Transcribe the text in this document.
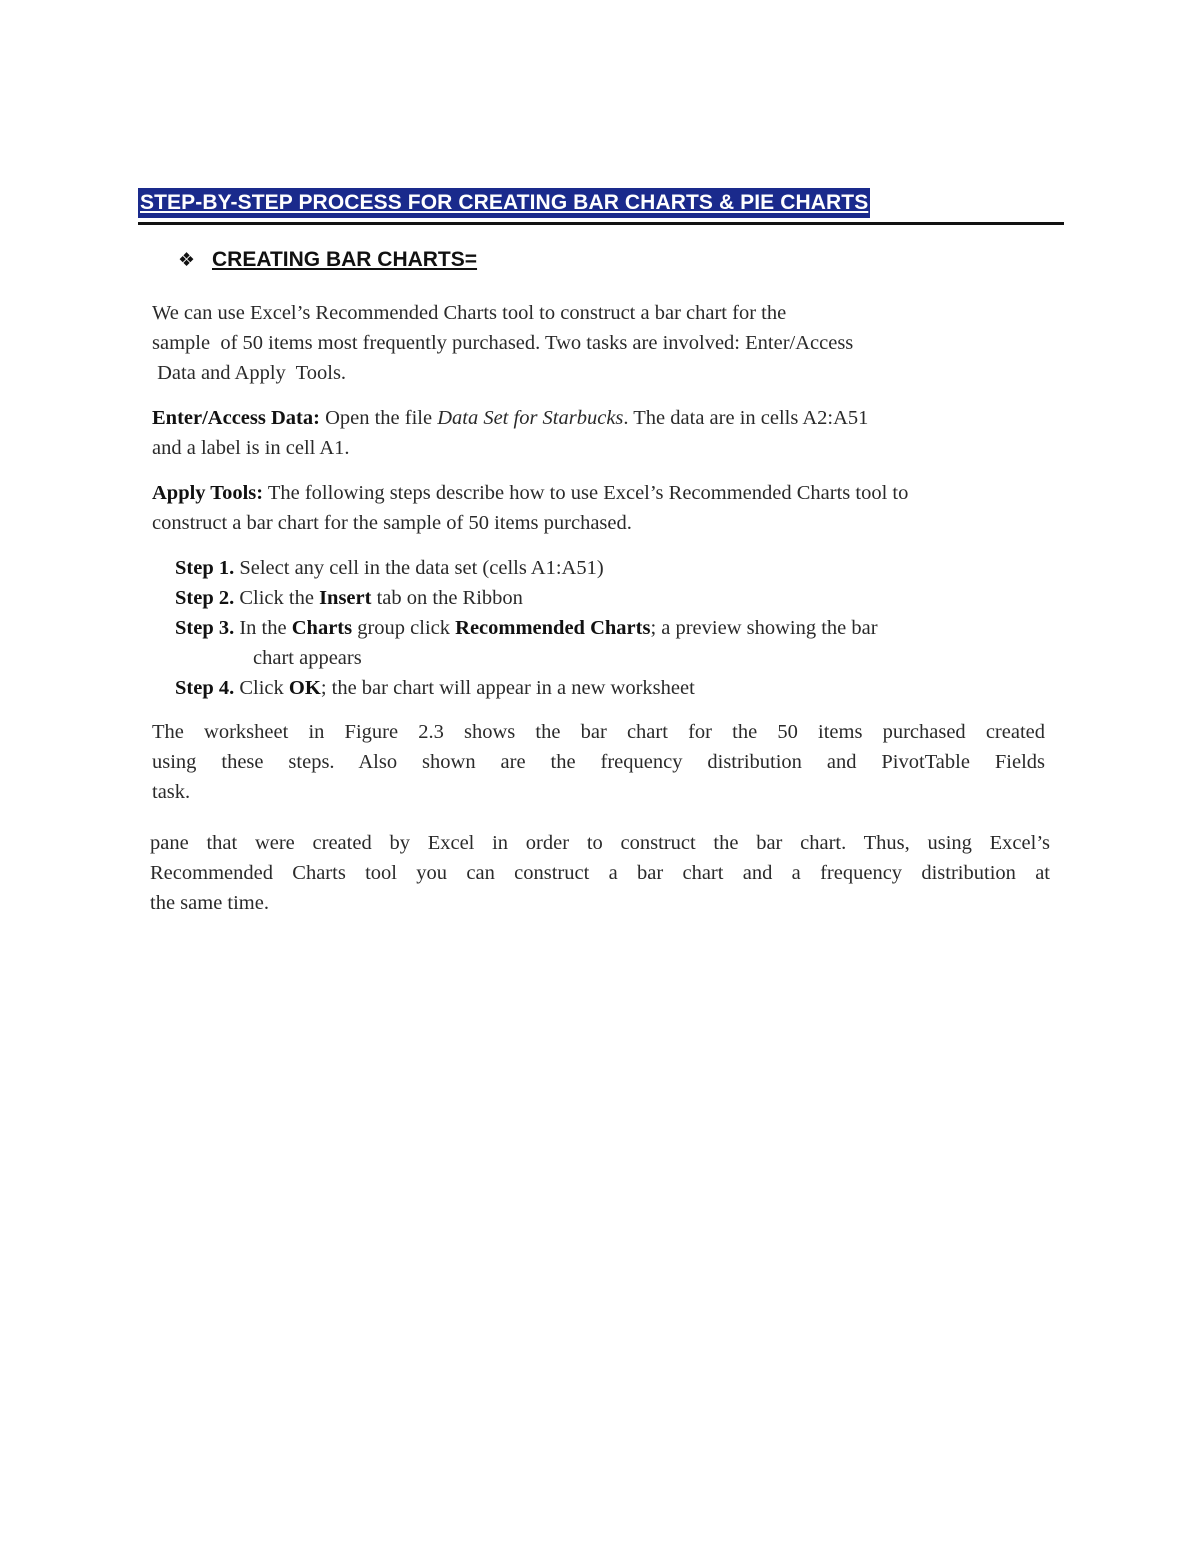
STEP-BY-STEP PROCESS FOR CREATING BAR CHARTS & PIE CHARTS
❖ CREATING BAR CHARTS=
We can use Excel’s Recommended Charts tool to construct a bar chart for the
sample  of 50 items most frequently purchased. Two tasks are involved: Enter/Access
Data and Apply  Tools.
Enter/Access Data: Open the file Data Set for Starbucks. The data are in cells A2:A51
and a label is in cell A1.
Apply Tools: The following steps describe how to use Excel’s Recommended Charts tool to
construct a bar chart for the sample of 50 items purchased.
Step 1. Select any cell in the data set (cells A1:A51)
Step 2. Click the Insert tab on the Ribbon
Step 3. In the Charts group click Recommended Charts; a preview showing the bar
chart appears
Step 4. Click OK; the bar chart will appear in a new worksheet
The worksheet in Figure 2.3 shows the bar chart for the 50 items purchased created
using these steps. Also shown are the frequency distribution and PivotTable Fields
task.
pane that were created by Excel in order to construct the bar chart. Thus, using Excel’s
Recommended Charts tool you can construct a bar chart and a frequency distribution at
the same time.
